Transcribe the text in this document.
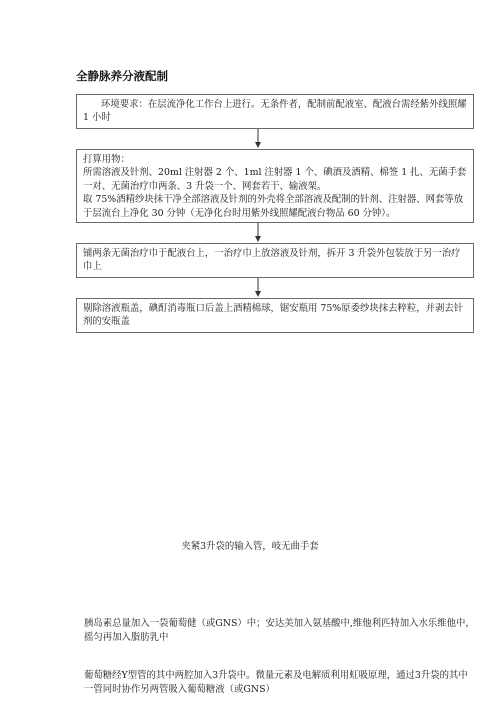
全静脉养分液配制

环境要求：在层流净化工作台上进行。无条件者，配制前配液室、配液台需经紫外线照耀 1 小时

打算用物：

所需溶液及针剂、20ml 注射器 2 个、1ml 注射器 1 个、碘酒及酒精、棉签 1 扎、无菌手套一对、无菌治疗巾两条、3 升袋一个、网套若干、输液架。

取 75%酒精纱块抹干净全部溶液及针剂的外壳将全部溶液及配制的针剂、注射器、网套等放于层流台上净化 30 分钟（无净化台时用紫外线照耀配液台物品 60 分钟）。

铺两条无菌治疗巾于配液台上，一治疗巾上放溶液及针剂，拆开 3 升袋外包装放于另一治疗巾上

剔除溶液瓶盖，碘酊消毒瓶口后盖上酒精棉球，锯安瓶用 75%原委纱块抹去粹粒，并剥去针剂的安瓶盖

夹紧3升袋的输入管，岐无曲手套
胰岛素总量加入一袋葡萄健（或GNS）中；安达美加入氨基酸中,维他利匹特加入水乐维他中，摇匀再加入脂肪乳中
葡萄糖经Y型管的其中两腔加入3升袋中。微量元素及电解质利用虹吸原理，通过3升袋的其中一管同时协作另两管吸入葡萄糖液（或GNS）
